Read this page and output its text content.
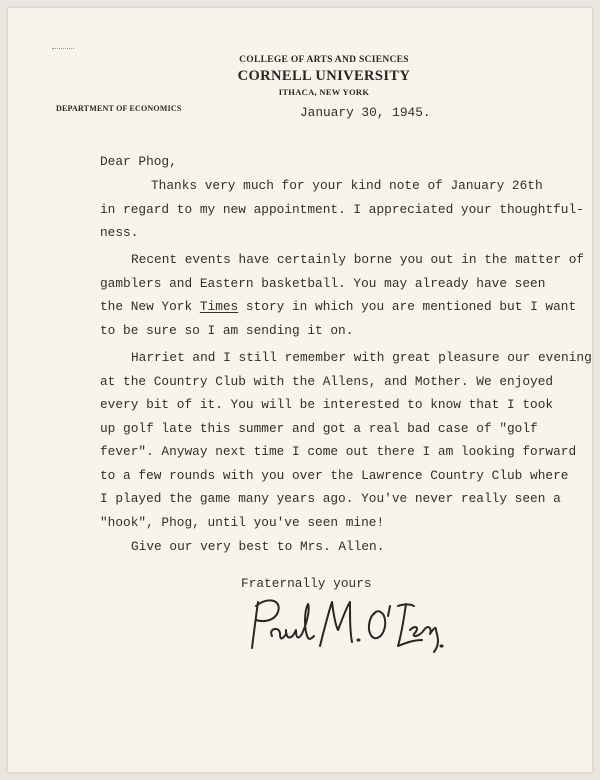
COLLEGE OF ARTS AND SCIENCES
CORNELL UNIVERSITY
ITHACA, NEW YORK
DEPARTMENT OF ECONOMICS	January 30, 1945.
Dear Phog,
Thanks very much for your kind note of January 26th
in regard to my new appointment. I appreciated your thoughtful-
ness.
Recent events have certainly borne you out in the matter of
gamblers and Eastern basketball. You may already have seen
the New York Times story in which you are mentioned but I want
to be sure so I am sending it on.
Harriet and I still remember with great pleasure our evening
at the Country Club with the Allens, and Mother. We enjoyed
every bit of it. You will be interested to know that I took
up golf late this summer and got a real bad case of "golf
fever". Anyway next time I come out there I am looking forward
to a few rounds with you over the Lawrence Country Club where
I played the game many years ago. You've never really seen a
"hook", Phog, until you've seen mine!
Give our very best to Mrs. Allen.
Fraternally yours
